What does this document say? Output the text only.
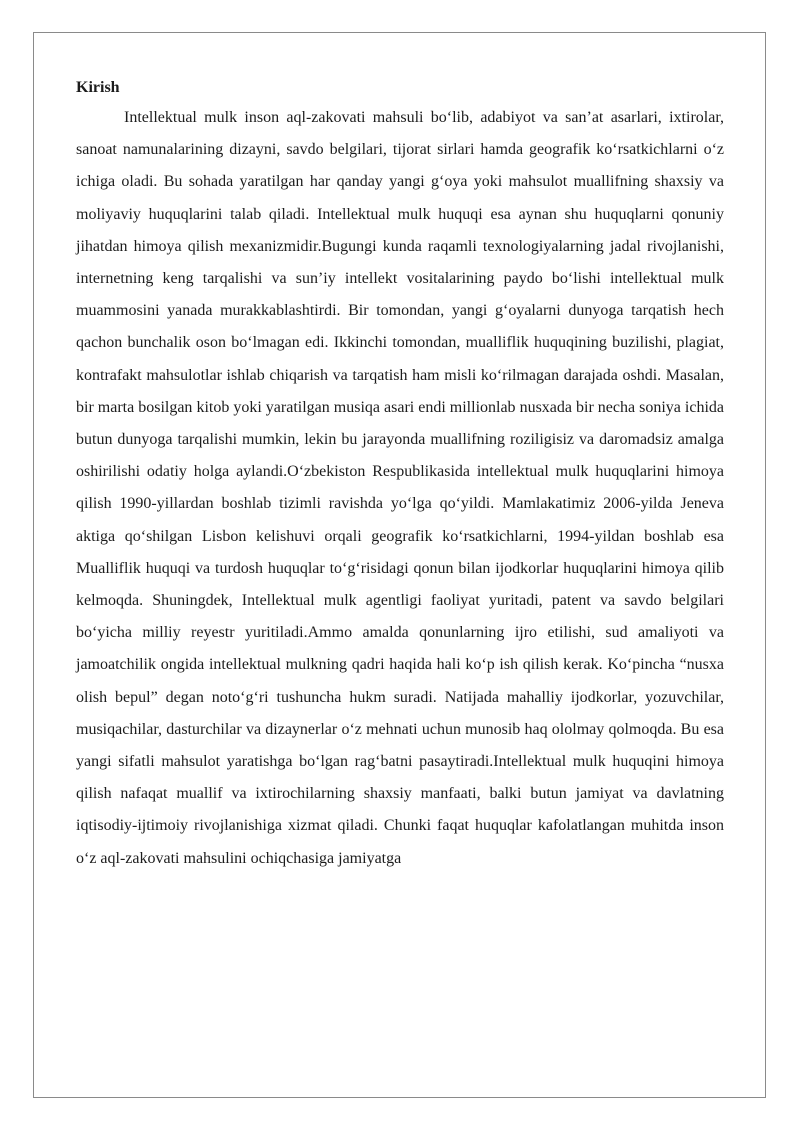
Kirish

Intellektual mulk inson aql-zakovati mahsuli bo‘lib, adabiyot va san’at asarlari, ixtirolar, sanoat namunalarining dizayni, savdo belgilari, tijorat sirlari hamda geografik ko‘rsatkichlarni o‘z ichiga oladi. Bu sohada yaratilgan har qanday yangi g‘oya yoki mahsulot muallifning shaxsiy va moliyaviy huquqlarini talab qiladi. Intellektual mulk huquqi esa aynan shu huquqlarni qonuniy jihatdan himoya qilish mexanizmidir.Bugungi kunda raqamli texnologiyalarning jadal rivojlanishi, internetning keng tarqalishi va sun’iy intellekt vositalarining paydo bo‘lishi intellektual mulk muammosini yanada murakkablashtirdi. Bir tomondan, yangi g‘oyalarni dunyoga tarqatish hech qachon bunchalik oson bo‘lmagan edi. Ikkinchi tomondan, mualliflik huquqining buzilishi, plagiat, kontrafakt mahsulotlar ishlab chiqarish va tarqatish ham misli ko‘rilmagan darajada oshdi. Masalan, bir marta bosilgan kitob yoki yaratilgan musiqa asari endi millionlab nusxada bir necha soniya ichida butun dunyoga tarqalishi mumkin, lekin bu jarayonda muallifning roziligisiz va daromadsiz amalga oshirilishi odatiy holga aylandi.O‘zbekiston Respublikasida intellektual mulk huquqlarini himoya qilish 1990-yillardan boshlab tizimli ravishda yo‘lga qo‘yildi. Mamlakatimiz 2006-yilda Jeneva aktiga qo‘shilgan Lisbon kelishuvi orqali geografik ko‘rsatkichlarni, 1994-yildan boshlab esa Mualliflik huquqi va turdosh huquqlar to‘g‘risidagi qonun bilan ijodkorlar huquqlarini himoya qilib kelmoqda. Shuningdek, Intellektual mulk agentligi faoliyat yuritadi, patent va savdo belgilari bo‘yicha milliy reyestr yuritiladi.Ammo amalda qonunlarning ijro etilishi, sud amaliyoti va jamoatchilik ongida intellektual mulkning qadri haqida hali ko‘p ish qilish kerak. Ko‘pincha “nusxa olish bepul” degan noto‘g‘ri tushuncha hukm suradi. Natijada mahalliy ijodkorlar, yozuvchilar, musiqachilar, dasturchilar va dizaynerlar o‘z mehnati uchun munosib haq ololmay qolmoqda. Bu esa yangi sifatli mahsulot yaratishga bo‘lgan rag‘batni pasaytiradi.Intellektual mulk huquqini himoya qilish nafaqat muallif va ixtirochilarning shaxsiy manfaati, balki butun jamiyat va davlatning iqtisodiy-ijtimoiy rivojlanishiga xizmat qiladi. Chunki faqat huquqlar kafolatlangan muhitda inson o‘z aql-zakovati mahsulini ochiqchasiga jamiyatga
